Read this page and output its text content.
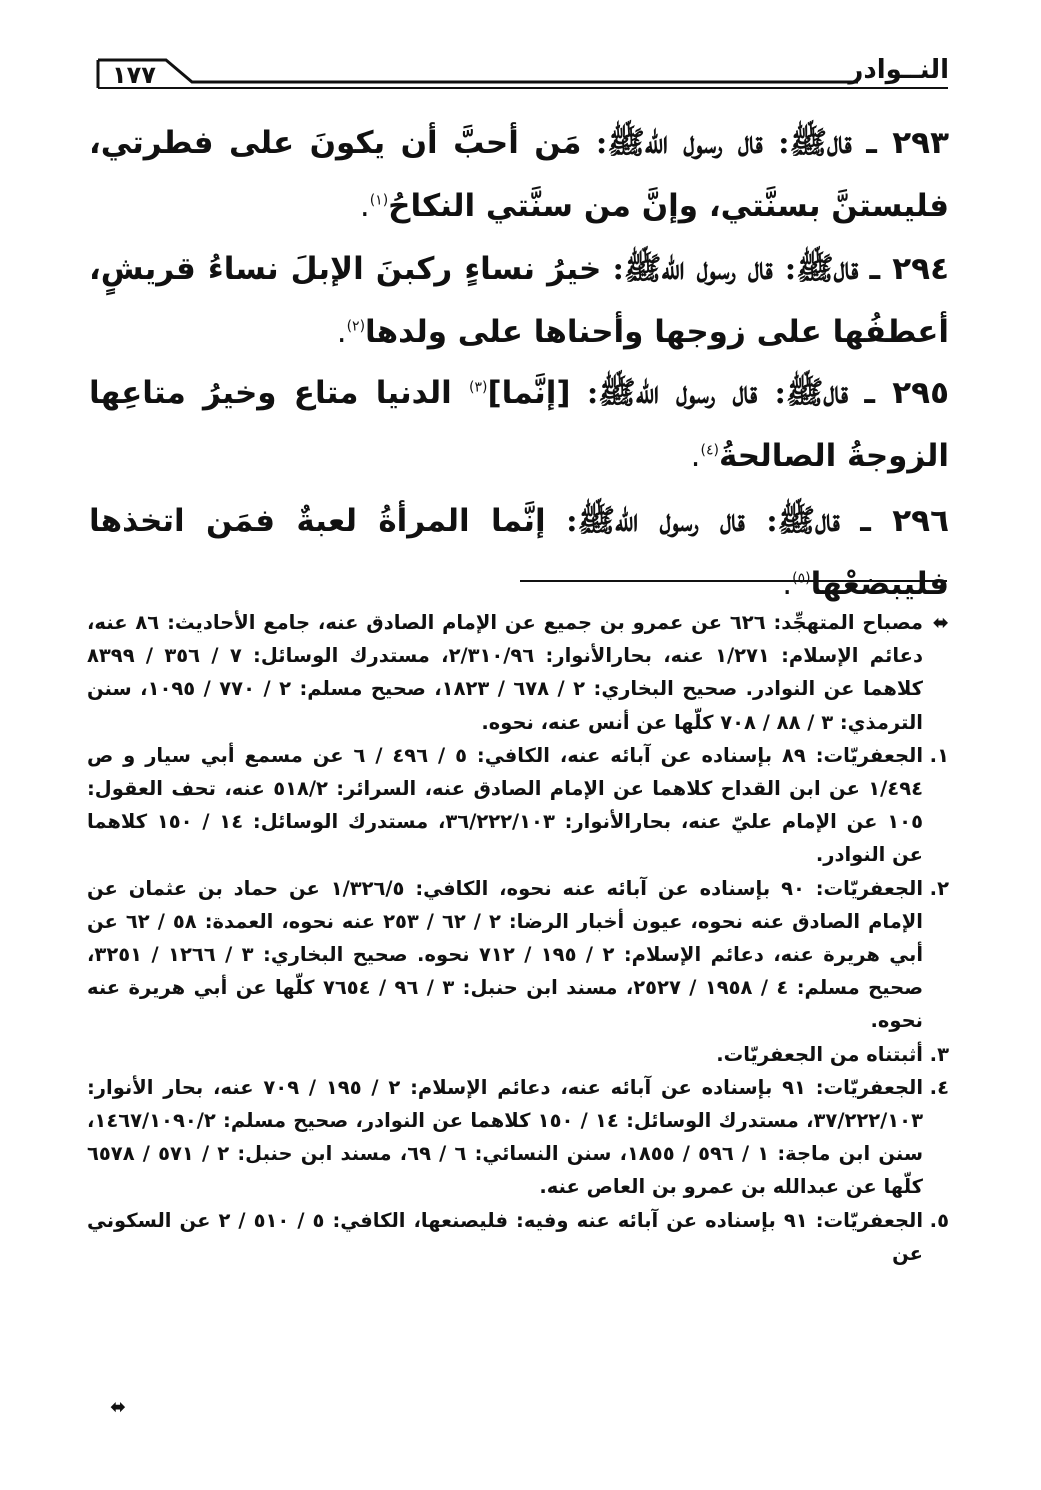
النــوادر
١٧٧
٢٩٣ ـ قال‏ﷺ: قال رسول الله‏ﷺ: مَن أحبَّ أن يكونَ على فطرتي، فليستنَّ بسنَّتي، وإنَّ من سنَّتي النكاحُ$^{(١)}$.
٢٩٤ ـ قال‏ﷺ: قال رسول الله‏ﷺ: خيرُ نساءٍ ركبنَ الإبلَ نساءُ قريشٍ، أعطفُها على زوجها وأحناها على ولدها$^{(٢)}$.
٢٩٥ ـ قال‏ﷺ: قال رسول الله‏ﷺ: [إنَّما]$^{(٣)}$ الدنيا متاع وخيرُ متاعِها الزوجةُ الصالحةُ$^{(٤)}$.
٢٩٦ ـ قال‏ﷺ: قال رسول الله‏ﷺ: إنَّما المرأةُ لعبةٌ فمَن اتخذها فليبضعْها$^{(٥)}$.
⬌
مصباح المتهجِّد: ٦٢٦ عن عمرو بن جميع عن الإمام الصادق‏ عنه‏، جامع الأحاديث: ٨٦ عنه‏، دعائم الإسلام: ١/٢٧١ عنه‏، بحارالأنوار: ٢/٣١٠/٩٦، مستدرك الوسائل: ٧ / ٣٥٦ / ٨٣٩٩ كلاهما عن النوادر. صحيح البخاري: ٢ / ٦٧٨ / ١٨٢٣، صحيح مسلم: ٢ / ٧٧٠ / ١٠٩٥، سنن الترمذي: ٣ / ٨٨ / ٧٠٨ كلّها عن أنس عنه‏، نحوه.
١.
الجعفريّات: ٨٩ بإسناده عن آبائه‏ عنه‏، الكافي: ٥ / ٤٩٦ / ٦ عن مسمع أبي سيار و ص ١/٤٩٤ عن ابن القداح كلاهما عن الإمام الصادق‏ عنه‏، السرائر: ٥١٨/٢ عنه‏، تحف العقول: ١٠٥ عن الإمام عليّ‏ عنه‏، بحارالأنوار: ٣٦/٢٢٢/١٠٣، مستدرك الوسائل: ١٤ / ١٥٠ كلاهما عن النوادر.
٢.
الجعفريّات: ٩٠ بإسناده عن آبائه‏ عنه‏ نحوه، الكافي: ١/٣٢٦/٥ عن حماد بن عثمان عن الإمام الصادق‏ عنه‏ نحوه، عيون أخبار الرضا‏: ٢ / ٦٢ / ٢٥٣ عنه‏ نحوه، العمدة: ٥٨ / ٦٢ عن أبي هريرة عنه‏، دعائم الإسلام: ٢ / ١٩٥ / ٧١٢ نحوه. صحيح البخاري: ٣ / ١٢٦٦ / ٣٢٥١، صحيح مسلم: ٤ / ١٩٥٨ / ٢٥٢٧، مسند ابن حنبل: ٣ / ٩٦ / ٧٦٥٤ كلّها عن أبي هريرة عنه‏ نحوه.
٣.
أثبتناه من الجعفريّات.
٤.
الجعفريّات: ٩١ بإسناده عن آبائه‏ عنه‏، دعائم الإسلام: ٢ / ١٩٥ / ٧٠٩ عنه‏، بحار الأنوار: ٣٧/٢٢٢/١٠٣، مستدرك الوسائل: ١٤ / ١٥٠ كلاهما عن النوادر، صحيح مسلم: ١٤٦٧/١٠٩٠/٢، سنن ابن ماجة: ١ / ٥٩٦ / ١٨٥٥، سنن النسائي: ٦ / ٦٩، مسند ابن حنبل: ٢ / ٥٧١ / ٦٥٧٨ كلّها عن عبدالله بن عمرو بن العاص عنه‏.
٥.
الجعفريّات: ٩١ بإسناده عن آبائه‏ عنه‏ وفيه: فليصنعها، الكافي: ٥ / ٥١٠ / ٢ عن السكوني عن
⬌
